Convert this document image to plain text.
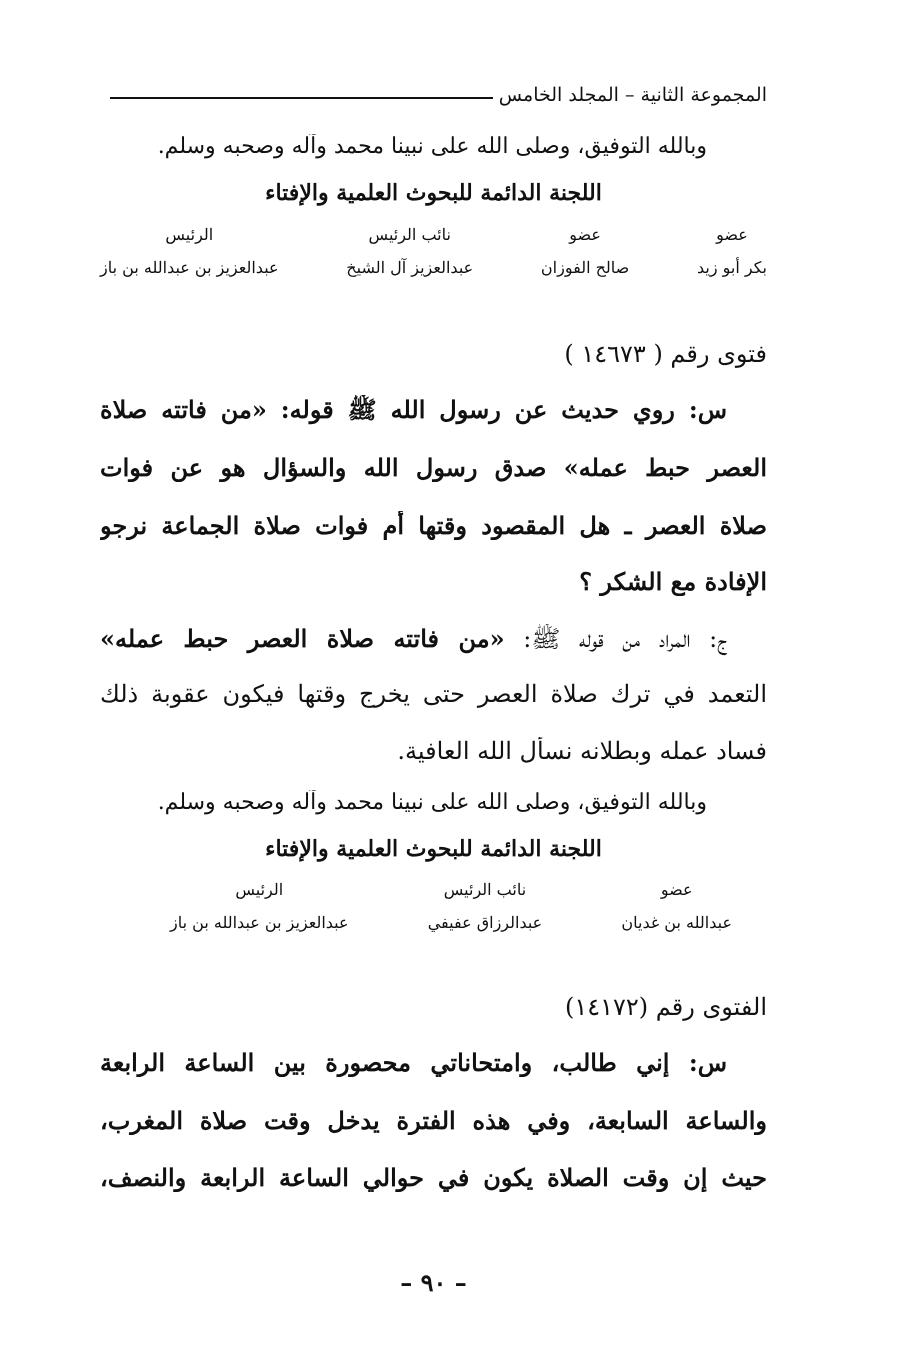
المجموعة الثانية – المجلد الخامس
وبالله التوفيق، وصلى الله على نبينا محمد وآله وصحبه وسلم.
اللجنة الدائمة للبحوث العلمية والإفتاء
عضو
بكر أبو زيد
عضو
صالح الفوزان
نائب الرئيس
عبدالعزيز آل الشيخ
الرئيس
عبدالعزيز بن عبدالله بن باز
فتوى رقم ( ١٤٦٧٣ )
س: روي حديث عن رسول الله ﷺ قوله: «من فاتته صلاة
العصر حبط عمله» صدق رسول الله والسؤال هو عن فوات
صلاة العصر ـ هل المقصود وقتها أم فوات صلاة الجماعة نرجو
الإفادة مع الشكر ؟
ج: المراد من قوله ﷺ: «من فاتته صلاة العصر حبط عمله»
التعمد في ترك صلاة العصر حتى يخرج وقتها فيكون عقوبة ذلك
فساد عمله وبطلانه نسأل الله العافية.
وبالله التوفيق، وصلى الله على نبينا محمد وآله وصحبه وسلم.
اللجنة الدائمة للبحوث العلمية والإفتاء
عضو
عبدالله بن غديان
نائب الرئيس
عبدالرزاق عفيفي
الرئيس
عبدالعزيز بن عبدالله بن باز
الفتوى رقم (١٤١٧٢)
س: إني طالب، وامتحاناتي محصورة بين الساعة الرابعة
والساعة السابعة، وفي هذه الفترة يدخل وقت صلاة المغرب،
حيث إن وقت الصلاة يكون في حوالي الساعة الرابعة والنصف،
– ٩٠ –
